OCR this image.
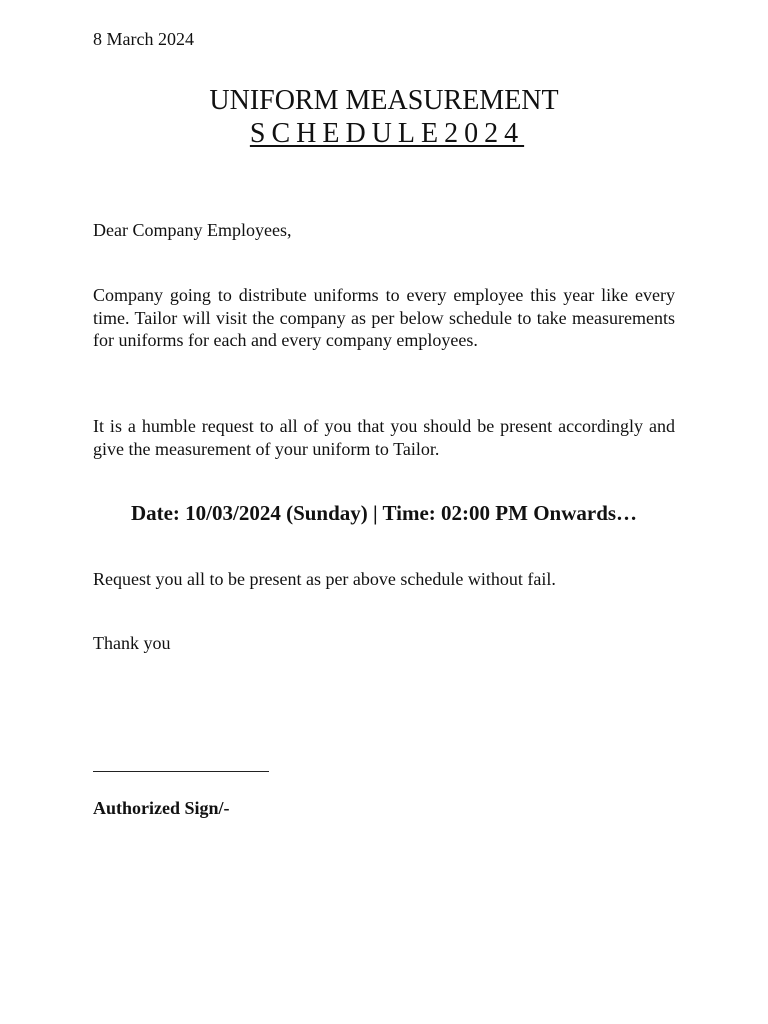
8 March 2024
UNIFORM MEASUREMENT
SCHEDULE2024
Dear Company Employees,
Company going to distribute uniforms to every employee this year like every time. Tailor will visit the company as per below schedule to take measurements for uniforms for each and every company employees.
It is a humble request to all of you that you should be present accordingly and give the measurement of your uniform to Tailor.
Date: 10/03/2024 (Sunday) | Time: 02:00 PM Onwards…
Request you all to be present as per above schedule without fail.
Thank you
Authorized Sign/-
